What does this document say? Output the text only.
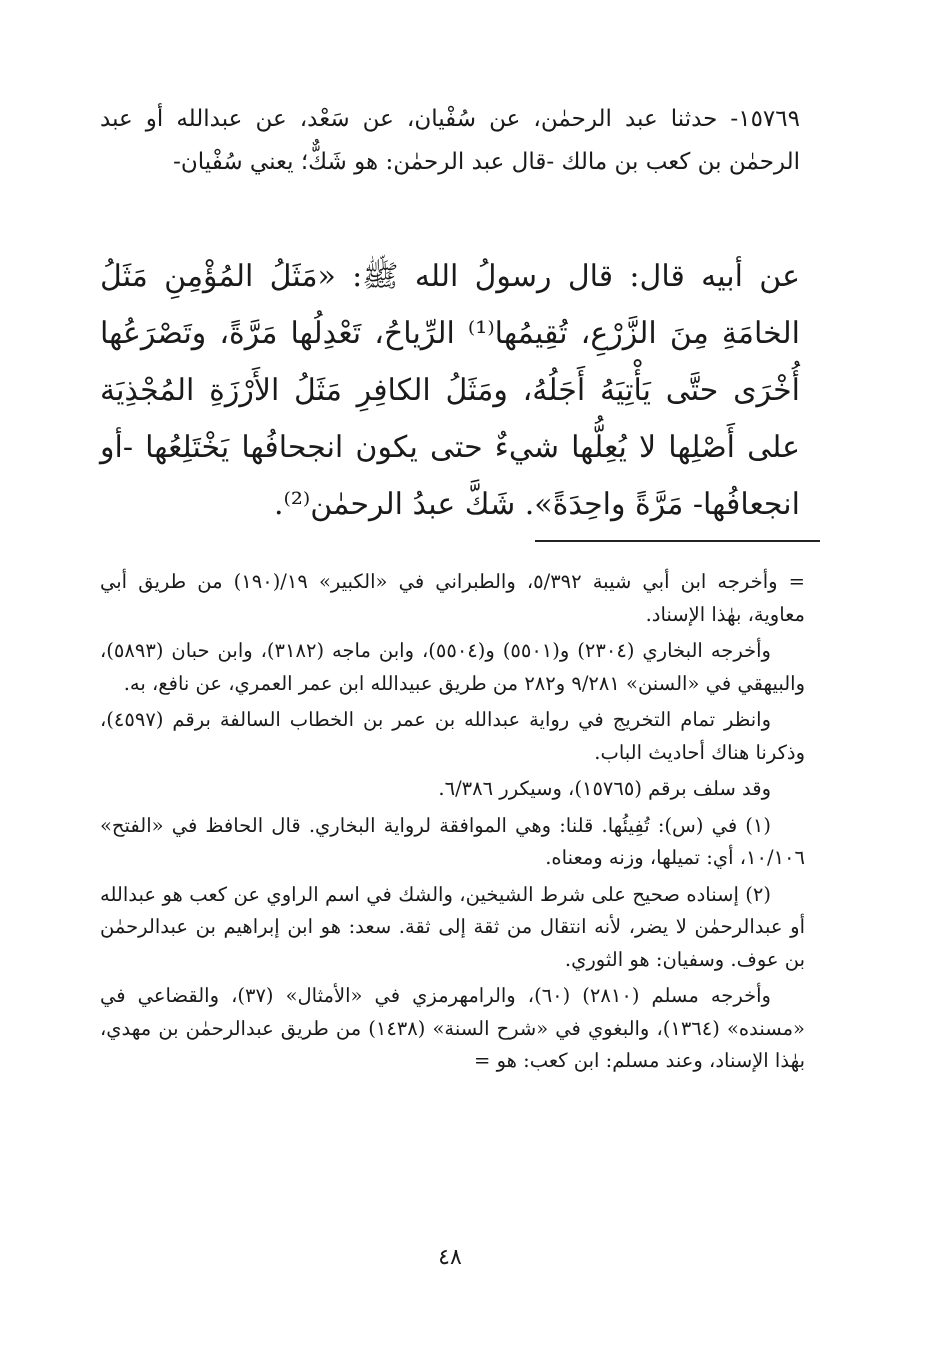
١٥٧٦٩- حدثنا عبد الرحمٰن، عن سُفْيان، عن سَعْد، عن عبدالله أو عبد الرحمٰن بن كعب بن مالك -قال عبد الرحمٰن: هو شَكٌّ؛ يعني سُفْيان-
عن أبيه قال: قال رسولُ الله ﷺ: «مَثَلُ المُؤْمِنِ مَثَلُ الخامَةِ مِنَ الزَّرْعِ، تُقِيمُها⁽¹⁾ الرِّياحُ، تَعْدِلُها مَرَّةً، وتَصْرَعُها أُخْرَى حتَّى يَأْتِيَهُ أَجَلُهُ، ومَثَلُ الكافِرِ مَثَلُ الأَرْزَةِ المُجْذِيَة على أَصْلِها لا يُعِلُّها شيءٌ حتى يكون انجحافُها يَخْتَلِعُها -أو انجعافُها- مَرَّةً واحِدَةً». شَكَّ عبدُ الرحمٰن⁽²⁾.

= وأخرجه ابن أبي شيبة ٥/٣٩٢، والطبراني في «الكبير» ١٩/(١٩٠) من طريق أبي معاوية، بهٰذا الإسناد.

وأخرجه البخاري (٢٣٠٤) و(٥٥٠١) و(٥٥٠٤)، وابن ماجه (٣١٨٢)، وابن حبان (٥٨٩٣)، والبيهقي في «السنن» ٩/٢٨١ و٢٨٢ من طريق عبيدالله ابن عمر العمري، عن نافع، به.

وانظر تمام التخريج في رواية عبدالله بن عمر بن الخطاب السالفة برقم (٤٥٩٧)، وذكرنا هناك أحاديث الباب.

وقد سلف برقم (١٥٧٦٥)، وسيكرر ٦/٣٨٦.

(١) في (س): تُفِيئُها. قلنا: وهي الموافقة لرواية البخاري. قال الحافظ في «الفتح» ١٠/١٠٦، أي: تميلها، وزنه ومعناه.

(٢) إسناده صحيح على شرط الشيخين، والشك في اسم الراوي عن كعب هو عبدالله أو عبدالرحمٰن لا يضر، لأنه انتقال من ثقة إلى ثقة. سعد: هو ابن إبراهيم بن عبدالرحمٰن بن عوف. وسفيان: هو الثوري.

وأخرجه مسلم (٢٨١٠) (٦٠)، والرامهرمزي في «الأمثال» (٣٧)، والقضاعي في «مسنده» (١٣٦٤)، والبغوي في «شرح السنة» (١٤٣٨) من طريق عبدالرحمٰن بن مهدي، بهٰذا الإسناد، وعند مسلم: ابن كعب: هو =

٤٨
